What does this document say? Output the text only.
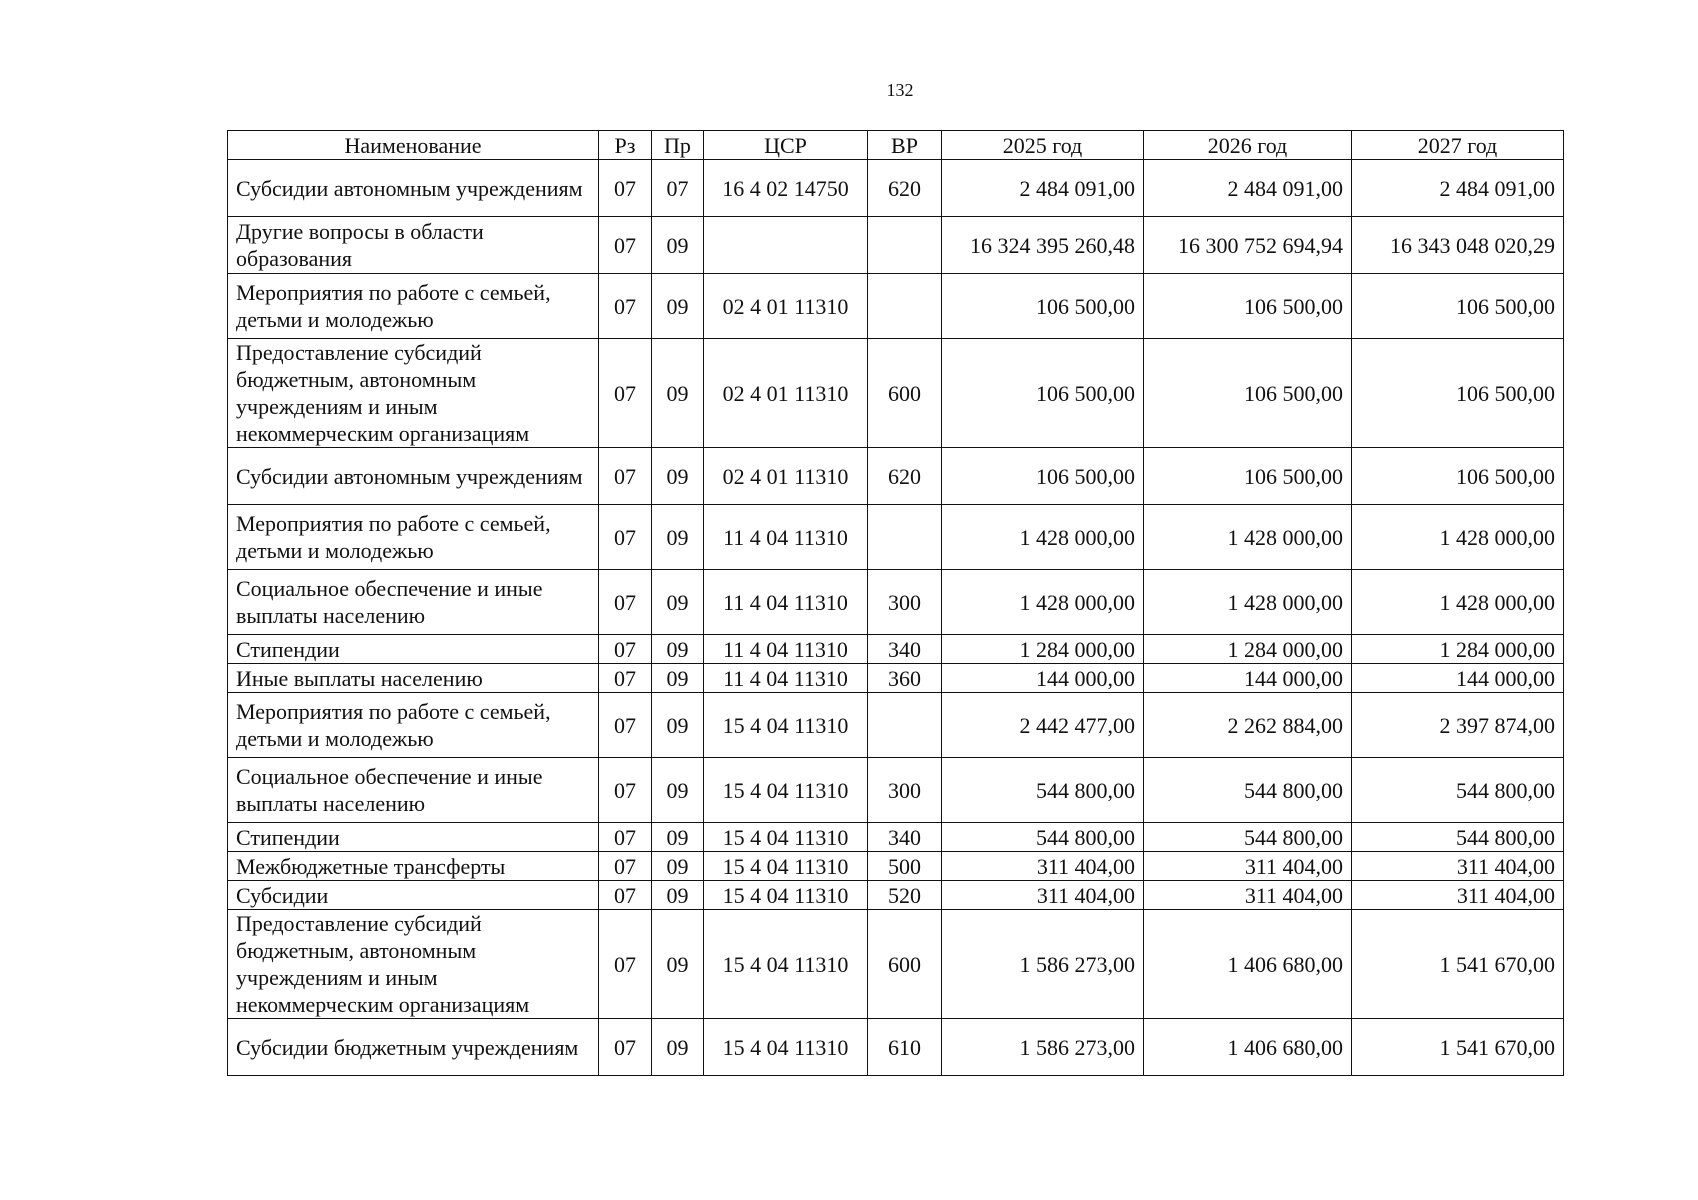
132
Наименование	Рз	Пр	ЦСР	ВР	2025 год	2026 год	2027 год
Субсидии автономным учреждениям	07	07	16 4 02 14750	620	2 484 091,00	2 484 091,00	2 484 091,00
Другие вопросы в области образования	07	09			16 324 395 260,48	16 300 752 694,94	16 343 048 020,29
Мероприятия по работе с семьей, детьми и молодежью	07	09	02 4 01 11310		106 500,00	106 500,00	106 500,00
Предоставление субсидий бюджетным, автономным учреждениям и иным некоммерческим организациям	07	09	02 4 01 11310	600	106 500,00	106 500,00	106 500,00
Субсидии автономным учреждениям	07	09	02 4 01 11310	620	106 500,00	106 500,00	106 500,00
Мероприятия по работе с семьей, детьми и молодежью	07	09	11 4 04 11310		1 428 000,00	1 428 000,00	1 428 000,00
Социальное обеспечение и иные выплаты населению	07	09	11 4 04 11310	300	1 428 000,00	1 428 000,00	1 428 000,00
Стипендии	07	09	11 4 04 11310	340	1 284 000,00	1 284 000,00	1 284 000,00
Иные выплаты населению	07	09	11 4 04 11310	360	144 000,00	144 000,00	144 000,00
Мероприятия по работе с семьей, детьми и молодежью	07	09	15 4 04 11310		2 442 477,00	2 262 884,00	2 397 874,00
Социальное обеспечение и иные выплаты населению	07	09	15 4 04 11310	300	544 800,00	544 800,00	544 800,00
Стипендии	07	09	15 4 04 11310	340	544 800,00	544 800,00	544 800,00
Межбюджетные трансферты	07	09	15 4 04 11310	500	311 404,00	311 404,00	311 404,00
Субсидии	07	09	15 4 04 11310	520	311 404,00	311 404,00	311 404,00
Предоставление субсидий бюджетным, автономным учреждениям и иным некоммерческим организациям	07	09	15 4 04 11310	600	1 586 273,00	1 406 680,00	1 541 670,00
Субсидии бюджетным учреждениям	07	09	15 4 04 11310	610	1 586 273,00	1 406 680,00	1 541 670,00
